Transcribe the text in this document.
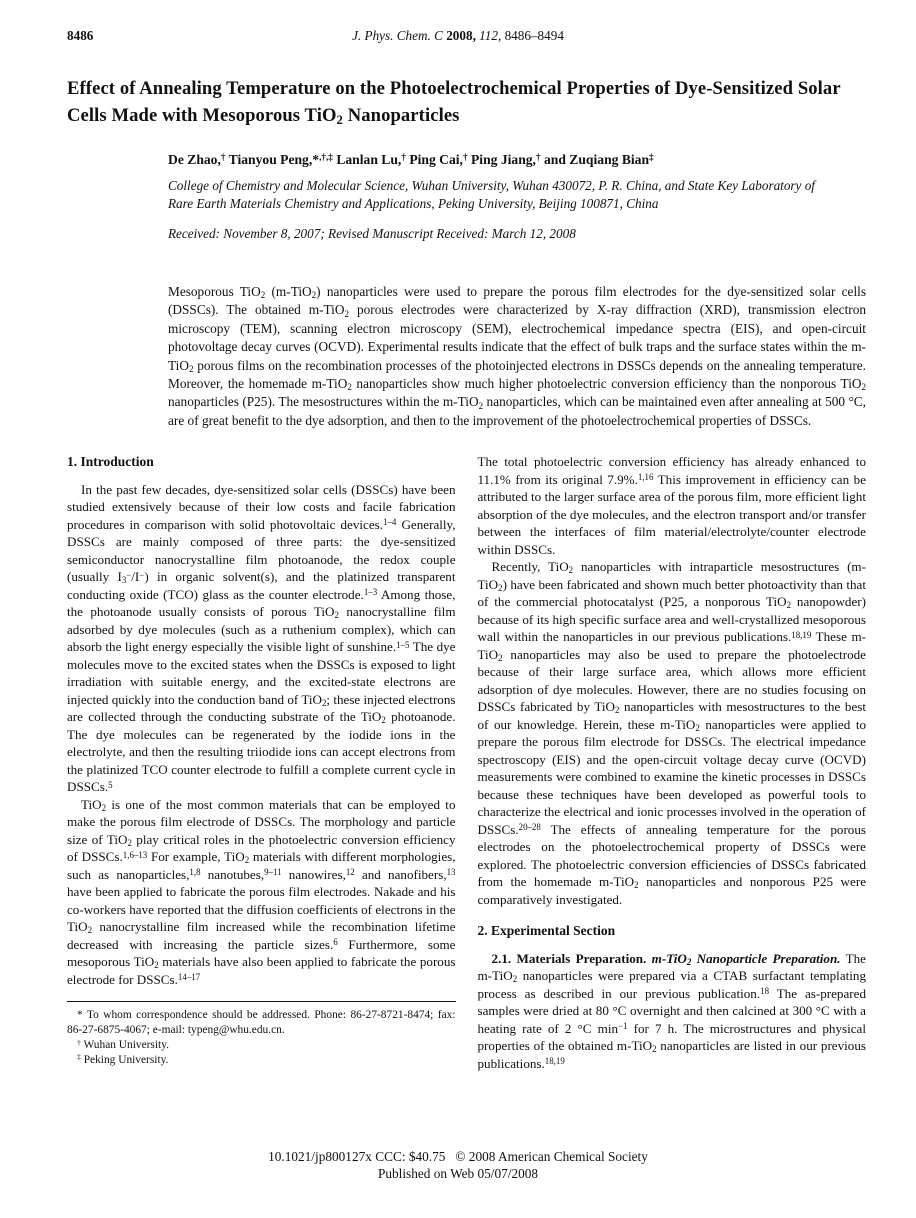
8486	J. Phys. Chem. C 2008, 112, 8486–8494
Effect of Annealing Temperature on the Photoelectrochemical Properties of Dye-Sensitized Solar Cells Made with Mesoporous TiO$_2$ Nanoparticles
De Zhao,† Tianyou Peng,*,†,‡ Lanlan Lu,† Ping Cai,† Ping Jiang,† and Zuqiang Bian‡
College of Chemistry and Molecular Science, Wuhan University, Wuhan 430072, P. R. China, and State Key Laboratory of Rare Earth Materials Chemistry and Applications, Peking University, Beijing 100871, China
Received: November 8, 2007; Revised Manuscript Received: March 12, 2008
Mesoporous TiO$_2$ (m-TiO$_2$) nanoparticles were used to prepare the porous film electrodes for the dye-sensitized solar cells (DSSCs). The obtained m-TiO$_2$ porous electrodes were characterized by X-ray diffraction (XRD), transmission electron microscopy (TEM), scanning electron microscopy (SEM), electrochemical impedance spectra (EIS), and open-circuit photovoltage decay curves (OCVD). Experimental results indicate that the effect of bulk traps and the surface states within the m-TiO$_2$ porous films on the recombination processes of the photoinjected electrons in DSSCs depends on the annealing temperature. Moreover, the homemade m-TiO$_2$ nanoparticles show much higher photoelectric conversion efficiency than the nonporous TiO$_2$ nanoparticles (P25). The mesostructures within the m-TiO$_2$ nanoparticles, which can be maintained even after annealing at 500 °C, are of great benefit to the dye adsorption, and then to the improvement of the photoelectrochemical properties of DSSCs.
1. Introduction

In the past few decades, dye-sensitized solar cells (DSSCs) have been studied extensively because of their low costs and facile fabrication procedures in comparison with solid photovoltaic devices.$^{1-4}$ Generally, DSSCs are mainly composed of three parts: the dye-sensitized semiconductor nanocrystalline film photoanode, the redox couple (usually $I_3^-/I^-$) in organic solvent(s), and the platinized transparent conducting oxide (TCO) glass as the counter electrode.$^{1-3}$ Among those, the photoanode usually consists of porous TiO$_2$ nanocrystalline film adsorbed by dye molecules (such as a ruthenium complex), which can absorb the light energy especially the visible light of sunshine.$^{1-5}$ The dye molecules move to the excited states when the DSSCs is exposed to light irradiation with suitable energy, and the excited-state electrons are injected quickly into the conduction band of TiO$_2$; these injected electrons are collected through the conducting substrate of the TiO$_2$ photoanode. The dye molecules can be regenerated by the iodide ions in the electrolyte, and then the resulting triiodide ions can accept electrons from the platinized TCO counter electrode to fulfill a complete current cycle in DSSCs.$^5$

TiO$_2$ is one of the most common materials that can be employed to make the porous film electrode of DSSCs. The morphology and particle size of TiO$_2$ play critical roles in the photoelectric conversion efficiency of DSSCs.$^{1,6-13}$ For example, TiO$_2$ materials with different morphologies, such as nanoparticles,$^{1,8}$ nanotubes,$^{9-11}$ nanowires,$^{12}$ and nanofibers,$^{13}$ have been applied to fabricate the porous film electrodes. Nakade and his co-workers have reported that the diffusion coefficients of electrons in the TiO$_2$ nanocrystalline film increased while the recombination lifetime decreased with increasing the particle sizes.$^6$ Furthermore, some mesoporous TiO$_2$ materials have also been applied to fabricate the porous electrode for DSSCs.$^{14-17}$

* To whom correspondence should be addressed. Phone: 86-27-8721-8474; fax: 86-27-6875-4067; e-mail: typeng@whu.edu.cn.
† Wuhan University.
‡ Peking University.

The total photoelectric conversion efficiency has already enhanced to 11.1% from its original 7.9%.$^{1,16}$ This improvement in efficiency can be attributed to the larger surface area of the porous film, more efficient light absorption of the dye molecules, and the electron transport and/or transfer between the interfaces of film material/electrolyte/counter electrode within DSSCs.

Recently, TiO$_2$ nanoparticles with intraparticle mesostructures (m-TiO$_2$) have been fabricated and shown much better photoactivity than that of the commercial photocatalyst (P25, a nonporous TiO$_2$ nanopowder) because of its high specific surface area and well-crystallized mesoporous wall within the nanoparticles in our previous publications.$^{18,19}$ These m-TiO$_2$ nanoparticles may also be used to prepare the photoelectrode because of their large surface area, which allows more efficient adsorption of dye molecules. However, there are no studies focusing on DSSCs fabricated by TiO$_2$ nanoparticles with mesostructures to the best of our knowledge. Herein, these m-TiO$_2$ nanoparticles were applied to prepare the porous film electrode for DSSCs. The electrical impedance spectroscopy (EIS) and the open-circuit voltage decay curve (OCVD) measurements were combined to examine the kinetic processes in DSSCs because these techniques have been developed as powerful tools to characterize the electrical and ionic processes involved in the operation of DSSCs.$^{20-28}$ The effects of annealing temperature for the porous electrodes on the photoelectrochemical property of DSSCs were explored. The photoelectric conversion efficiencies of DSSCs fabricated from the homemade m-TiO$_2$ nanoparticles and nonporous P25 were comparatively investigated.

2. Experimental Section

2.1. Materials Preparation. m-TiO$_2$ Nanoparticle Preparation. The m-TiO$_2$ nanoparticles were prepared via a CTAB surfactant templating process as described in our previous publication.$^{18}$ The as-prepared samples were dried at 80 °C overnight and then calcined at 300 °C with a heating rate of 2 °C $\min^{-1}$ for 7 h. The microstructures and physical properties of the obtained m-TiO$_2$ nanoparticles are listed in our previous publications.$^{18,19}$

10.1021/jp800127x CCC: $40.75   © 2008 American Chemical Society
Published on Web 05/07/2008
